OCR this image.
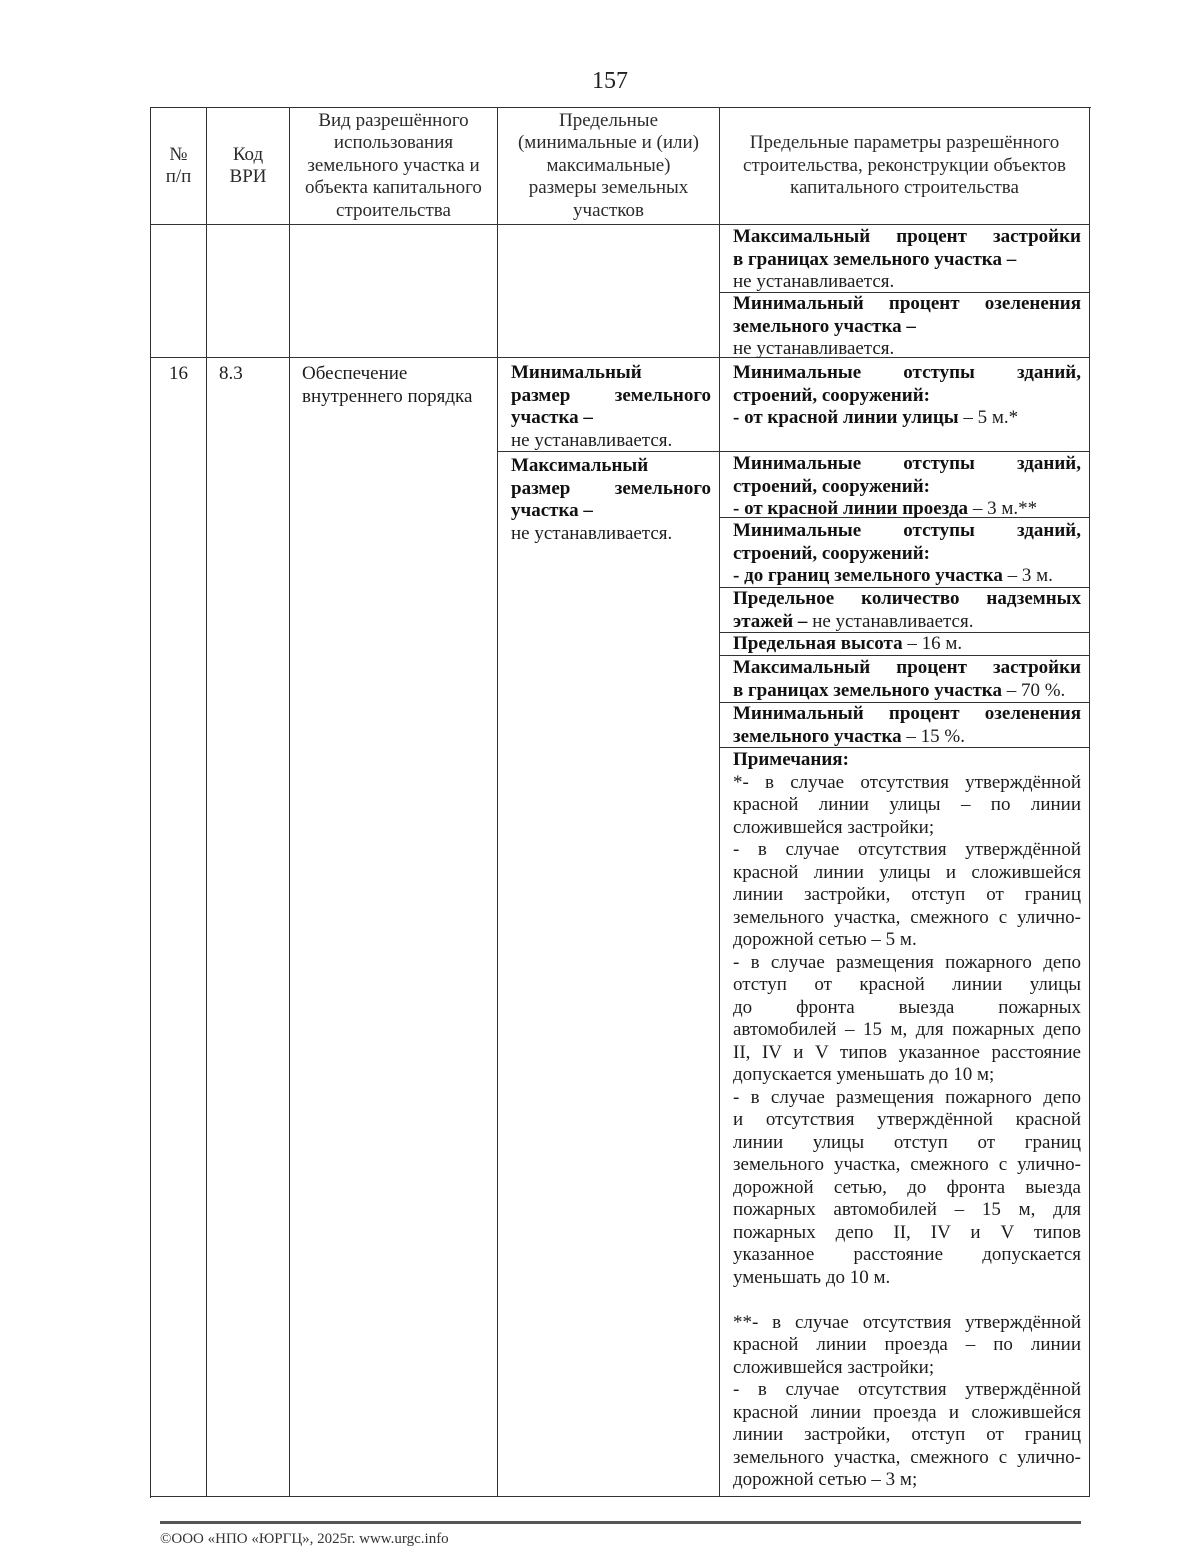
157
№
п/п
Код
ВРИ
Вид разрешённого
использования
земельного участка и
объекта капитального
строительства
Предельные
(минимальные и (или)
максимальные)
размеры земельных
участков
Предельные параметры разрешённого
строительства, реконструкции объектов
капитального строительства
Максимальный процент застройки
в границах земельного участка –
не устанавливается.
Минимальный процент озеленения
земельного участка –
не устанавливается.
16	8.3	Обеспечение
внутреннего порядка
Минимальный
размер земельного
участка –
не устанавливается.
Максимальный
размер земельного
участка –
не устанавливается.
Минимальные отступы зданий,
строений, сооружений:
- от красной линии улицы – 5 м.*
Минимальные отступы зданий,
строений, сооружений:
- от красной линии проезда – 3 м.**
Минимальные отступы зданий,
строений, сооружений:
- до границ земельного участка – 3 м.
Предельное количество надземных
этажей – не устанавливается.
Предельная высота – 16 м.
Максимальный процент застройки
в границах земельного участка – 70 %.
Минимальный процент озеленения
земельного участка – 15 %.
Примечания:
*- в случае отсутствия утверждённой
красной линии улицы – по линии
сложившейся застройки;
- в случае отсутствия утверждённой
красной линии улицы и сложившейся
линии застройки, отступ от границ
земельного участка, смежного с улично-
дорожной сетью – 5 м.
- в случае размещения пожарного депо
отступ от красной линии улицы
до фронта выезда пожарных
автомобилей – 15 м, для пожарных депо
II, IV и V типов указанное расстояние
допускается уменьшать до 10 м;
- в случае размещения пожарного депо
и отсутствия утверждённой красной
линии улицы отступ от границ
земельного участка, смежного с улично-
дорожной сетью, до фронта выезда
пожарных автомобилей – 15 м, для
пожарных депо II, IV и V типов
указанное расстояние допускается
уменьшать до 10 м.
**- в случае отсутствия утверждённой
красной линии проезда – по линии
сложившейся застройки;
- в случае отсутствия утверждённой
красной линии проезда и сложившейся
линии застройки, отступ от границ
земельного участка, смежного с улично-
дорожной сетью – 3 м;
©ООО «НПО «ЮРГЦ», 2025г. www.urgc.info
